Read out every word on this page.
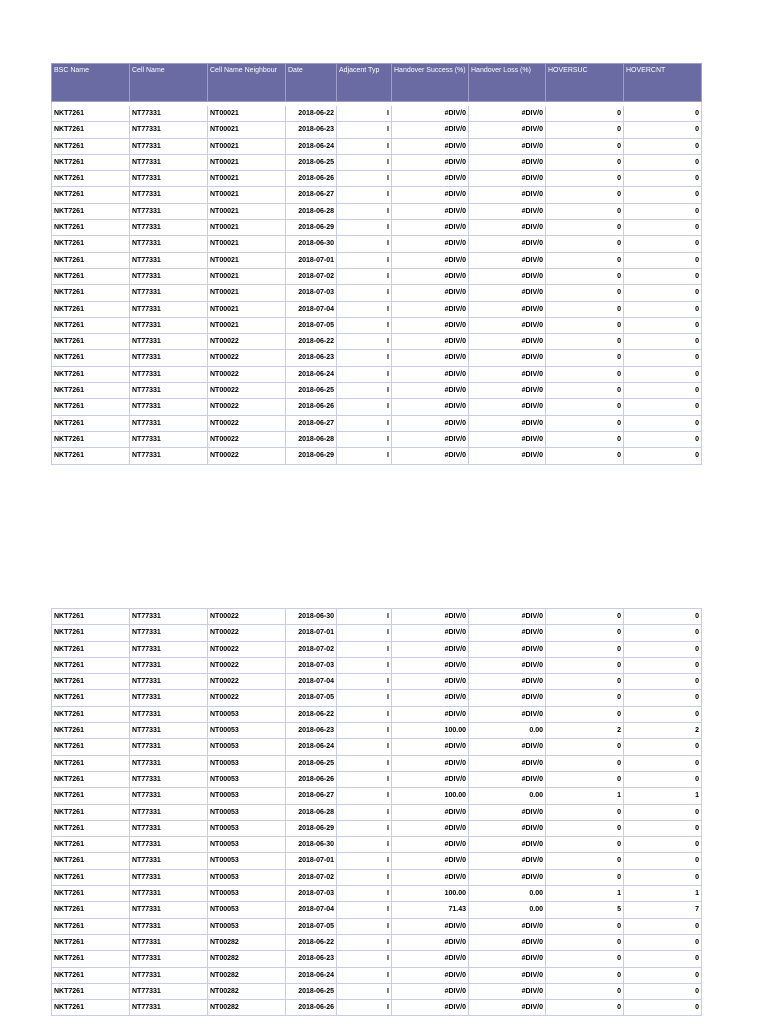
BSC Name	Cell Name	Cell Name Neighbour	Date	Adjacent Typ	Handover Success (%)	Handover Loss (%)	HOVERSUC	HOVERCNT

NKT7261	NT77331	NT00021	2018-06-22	I	#DIV/0	#DIV/0	0	0
NKT7261	NT77331	NT00021	2018-06-23	I	#DIV/0	#DIV/0	0	0
NKT7261	NT77331	NT00021	2018-06-24	I	#DIV/0	#DIV/0	0	0
NKT7261	NT77331	NT00021	2018-06-25	I	#DIV/0	#DIV/0	0	0
NKT7261	NT77331	NT00021	2018-06-26	I	#DIV/0	#DIV/0	0	0
NKT7261	NT77331	NT00021	2018-06-27	I	#DIV/0	#DIV/0	0	0
NKT7261	NT77331	NT00021	2018-06-28	I	#DIV/0	#DIV/0	0	0
NKT7261	NT77331	NT00021	2018-06-29	I	#DIV/0	#DIV/0	0	0
NKT7261	NT77331	NT00021	2018-06-30	I	#DIV/0	#DIV/0	0	0
NKT7261	NT77331	NT00021	2018-07-01	I	#DIV/0	#DIV/0	0	0
NKT7261	NT77331	NT00021	2018-07-02	I	#DIV/0	#DIV/0	0	0
NKT7261	NT77331	NT00021	2018-07-03	I	#DIV/0	#DIV/0	0	0
NKT7261	NT77331	NT00021	2018-07-04	I	#DIV/0	#DIV/0	0	0
NKT7261	NT77331	NT00021	2018-07-05	I	#DIV/0	#DIV/0	0	0
NKT7261	NT77331	NT00022	2018-06-22	I	#DIV/0	#DIV/0	0	0
NKT7261	NT77331	NT00022	2018-06-23	I	#DIV/0	#DIV/0	0	0
NKT7261	NT77331	NT00022	2018-06-24	I	#DIV/0	#DIV/0	0	0
NKT7261	NT77331	NT00022	2018-06-25	I	#DIV/0	#DIV/0	0	0
NKT7261	NT77331	NT00022	2018-06-26	I	#DIV/0	#DIV/0	0	0
NKT7261	NT77331	NT00022	2018-06-27	I	#DIV/0	#DIV/0	0	0
NKT7261	NT77331	NT00022	2018-06-28	I	#DIV/0	#DIV/0	0	0
NKT7261	NT77331	NT00022	2018-06-29	I	#DIV/0	#DIV/0	0	0
NKT7261	NT77331	NT00022	2018-06-30	I	#DIV/0	#DIV/0	0	0
NKT7261	NT77331	NT00022	2018-07-01	I	#DIV/0	#DIV/0	0	0
NKT7261	NT77331	NT00022	2018-07-02	I	#DIV/0	#DIV/0	0	0
NKT7261	NT77331	NT00022	2018-07-03	I	#DIV/0	#DIV/0	0	0
NKT7261	NT77331	NT00022	2018-07-04	I	#DIV/0	#DIV/0	0	0
NKT7261	NT77331	NT00022	2018-07-05	I	#DIV/0	#DIV/0	0	0
NKT7261	NT77331	NT00053	2018-06-22	I	#DIV/0	#DIV/0	0	0
NKT7261	NT77331	NT00053	2018-06-23	I	100.00	0.00	2	2
NKT7261	NT77331	NT00053	2018-06-24	I	#DIV/0	#DIV/0	0	0
NKT7261	NT77331	NT00053	2018-06-25	I	#DIV/0	#DIV/0	0	0
NKT7261	NT77331	NT00053	2018-06-26	I	#DIV/0	#DIV/0	0	0
NKT7261	NT77331	NT00053	2018-06-27	I	100.00	0.00	1	1
NKT7261	NT77331	NT00053	2018-06-28	I	#DIV/0	#DIV/0	0	0
NKT7261	NT77331	NT00053	2018-06-29	I	#DIV/0	#DIV/0	0	0
NKT7261	NT77331	NT00053	2018-06-30	I	#DIV/0	#DIV/0	0	0
NKT7261	NT77331	NT00053	2018-07-01	I	#DIV/0	#DIV/0	0	0
NKT7261	NT77331	NT00053	2018-07-02	I	#DIV/0	#DIV/0	0	0
NKT7261	NT77331	NT00053	2018-07-03	I	100.00	0.00	1	1
NKT7261	NT77331	NT00053	2018-07-04	I	71.43	0.00	5	7
NKT7261	NT77331	NT00053	2018-07-05	I	#DIV/0	#DIV/0	0	0
NKT7261	NT77331	NT00282	2018-06-22	I	#DIV/0	#DIV/0	0	0
NKT7261	NT77331	NT00282	2018-06-23	I	#DIV/0	#DIV/0	0	0
NKT7261	NT77331	NT00282	2018-06-24	I	#DIV/0	#DIV/0	0	0
NKT7261	NT77331	NT00282	2018-06-25	I	#DIV/0	#DIV/0	0	0
NKT7261	NT77331	NT00282	2018-06-26	I	#DIV/0	#DIV/0	0	0
